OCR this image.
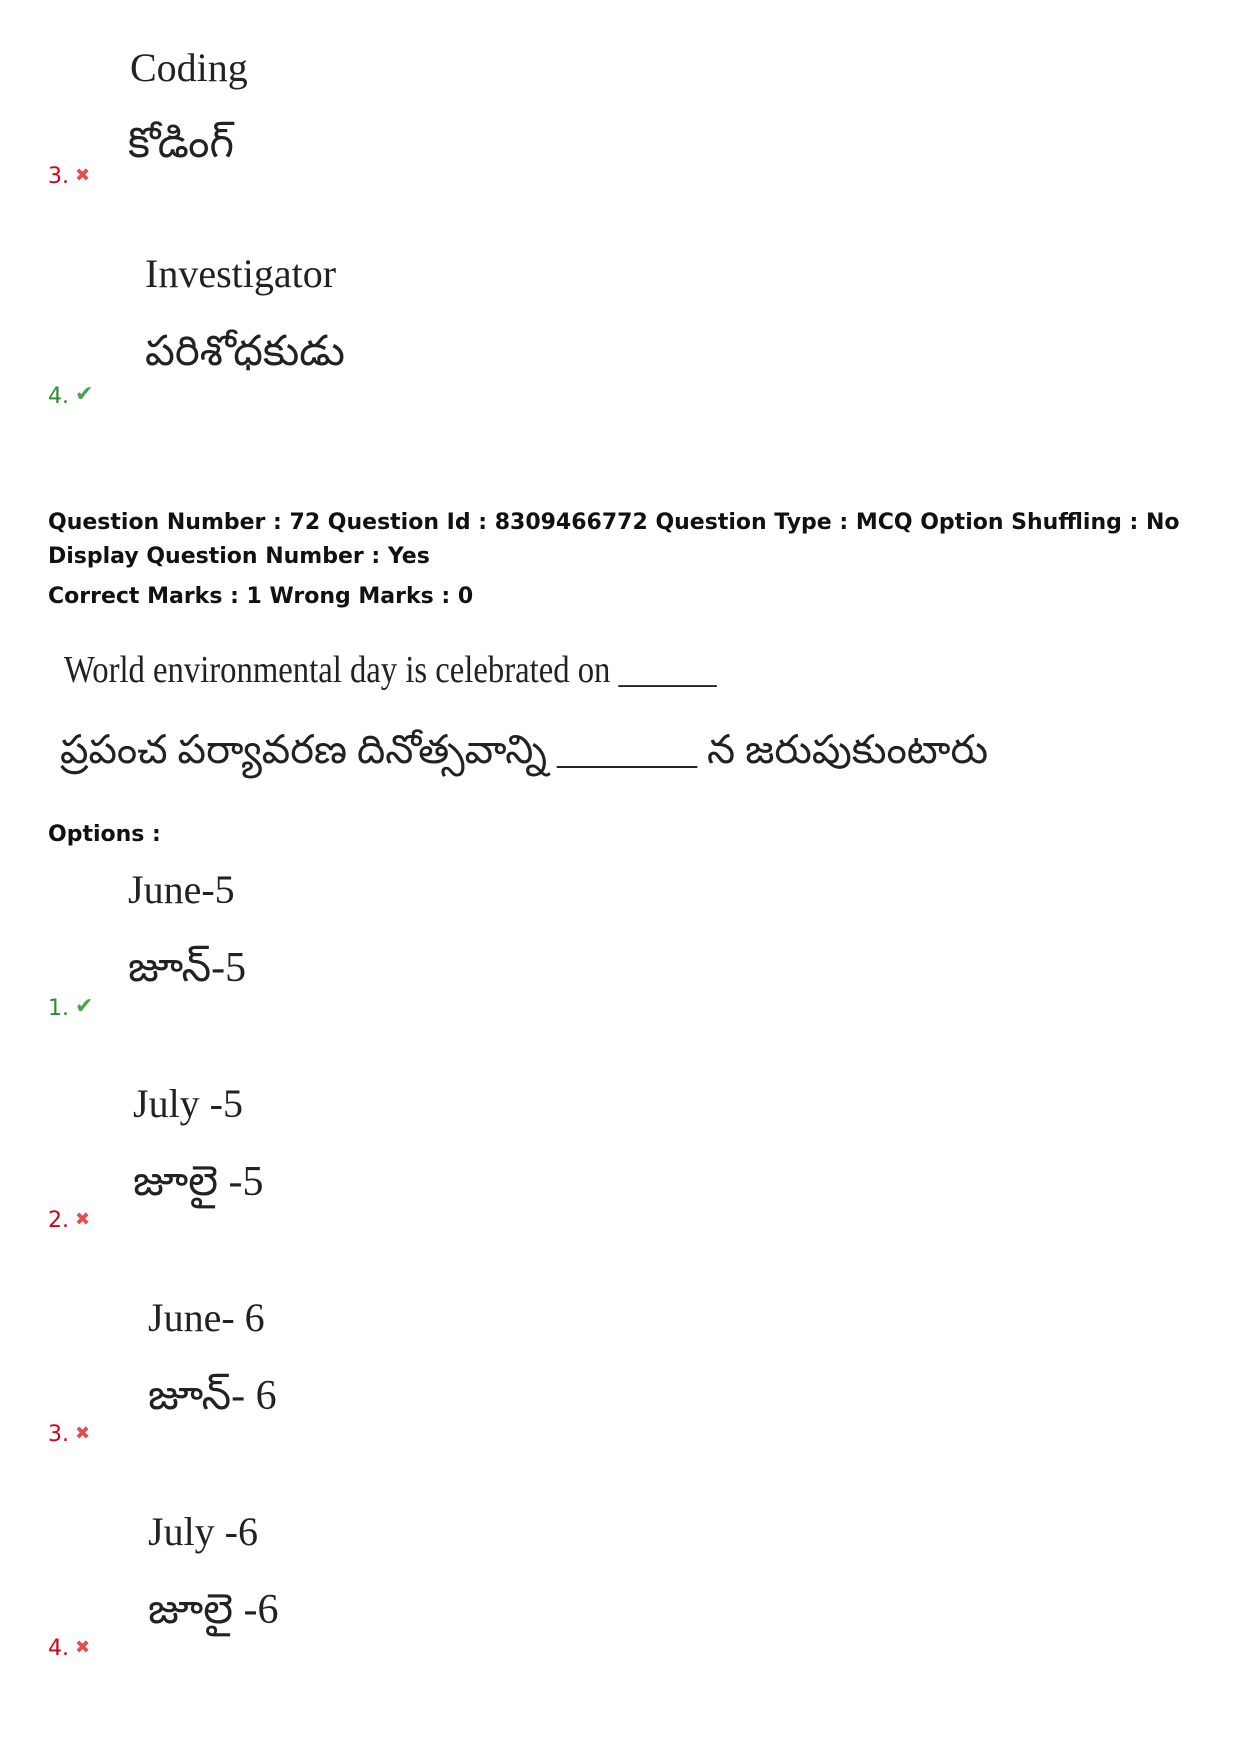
Coding
కోడింగ్
3. ✖
Investigator
పరిశోధకుడు
4. ✔
Question Number : 72 Question Id : 8309466772 Question Type : MCQ Option Shuffling : No
Display Question Number : Yes
Correct Marks : 1 Wrong Marks : 0
World environmental day is celebrated on ______
ప్రపంచ పర్యావరణ దినోత్సవాన్ని _______ న జరుపుకుంటారు
Options :
June-5
జూన్-5
1. ✔
July -5
జూలై -5
2. ✖
June- 6
జూన్- 6
3. ✖
July -6
జూలై -6
4. ✖
